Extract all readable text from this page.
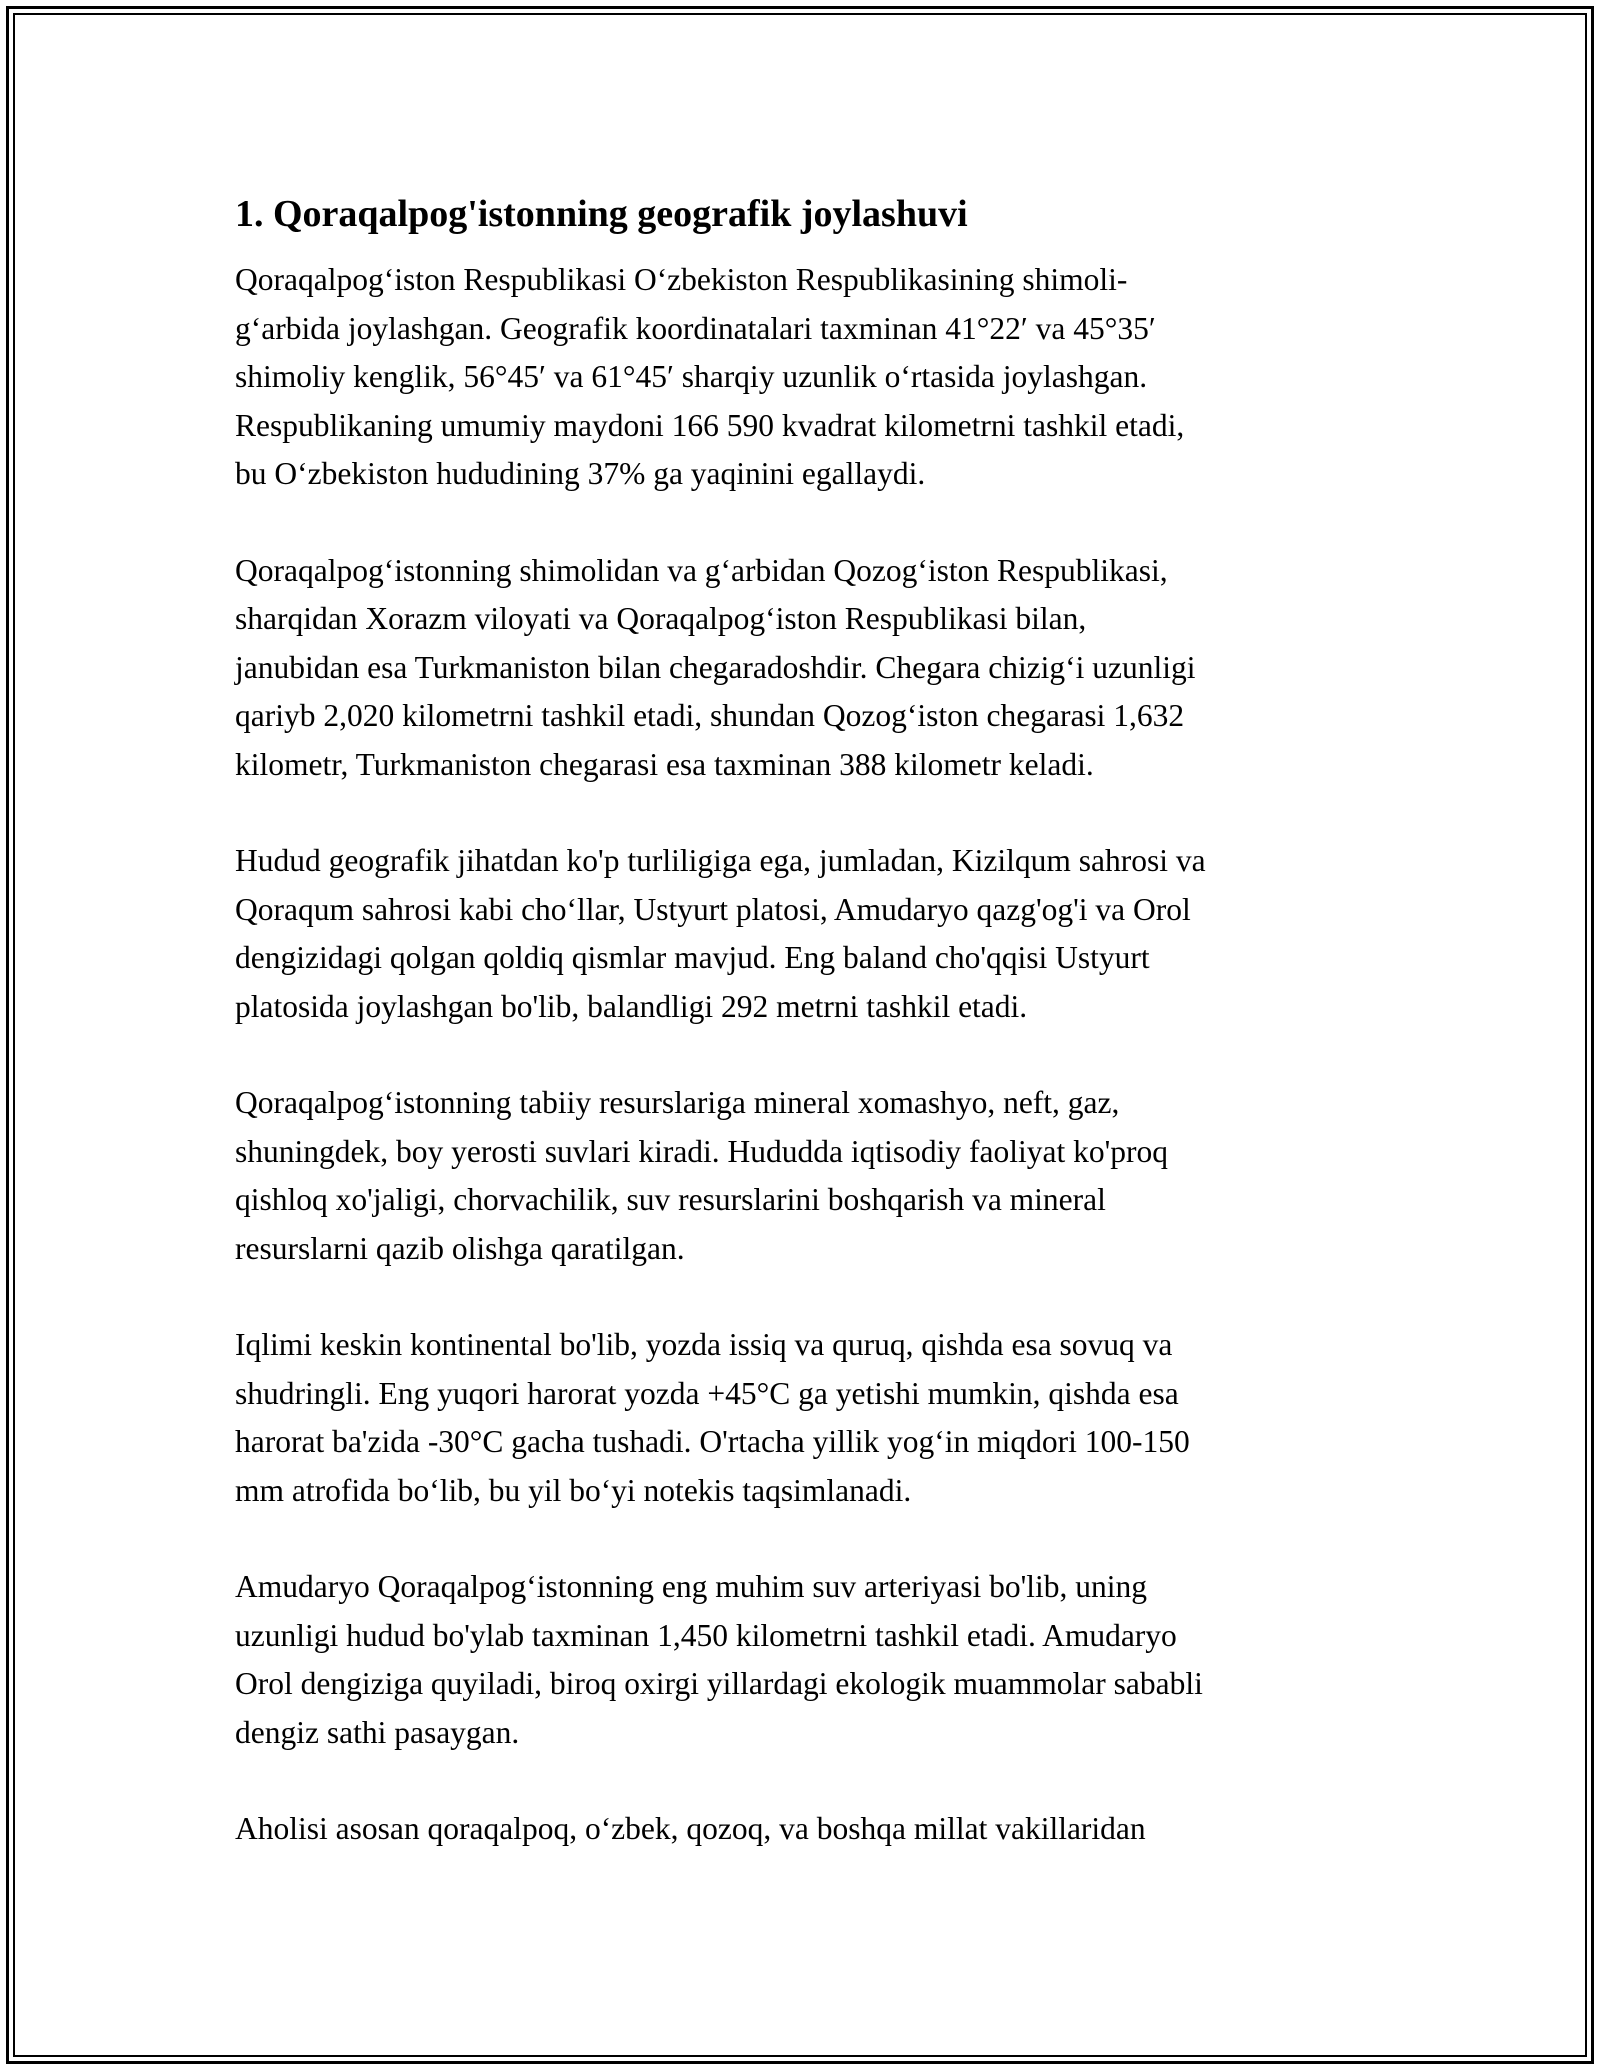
1. Qoraqalpog'istonning geografik joylashuvi

Qoraqalpog‘iston Respublikasi O‘zbekiston Respublikasining shimoli-
g‘arbida joylashgan. Geografik koordinatalari taxminan 41°22′ va 45°35′
shimoliy kenglik, 56°45′ va 61°45′ sharqiy uzunlik o‘rtasida joylashgan.
Respublikaning umumiy maydoni 166 590 kvadrat kilometrni tashkil etadi,
bu O‘zbekiston hududining 37% ga yaqinini egallaydi.

Qoraqalpog‘istonning shimolidan va g‘arbidan Qozog‘iston Respublikasi,
sharqidan Xorazm viloyati va Qoraqalpog‘iston Respublikasi bilan,
janubidan esa Turkmaniston bilan chegaradoshdir. Chegara chizig‘i uzunligi
qariyb 2,020 kilometrni tashkil etadi, shundan Qozog‘iston chegarasi 1,632
kilometr, Turkmaniston chegarasi esa taxminan 388 kilometr keladi.

Hudud geografik jihatdan ko'p turliligiga ega, jumladan, Kizilqum sahrosi va
Qoraqum sahrosi kabi cho‘llar, Ustyurt platosi, Amudaryo qazg'og'i va Orol
dengizidagi qolgan qoldiq qismlar mavjud. Eng baland cho'qqisi Ustyurt
platosida joylashgan bo'lib, balandligi 292 metrni tashkil etadi.

Qoraqalpog‘istonning tabiiy resurslariga mineral xomashyo, neft, gaz,
shuningdek, boy yerosti suvlari kiradi. Hududda iqtisodiy faoliyat ko'proq
qishloq xo'jaligi, chorvachilik, suv resurslarini boshqarish va mineral
resurslarni qazib olishga qaratilgan.

Iqlimi keskin kontinental bo'lib, yozda issiq va quruq, qishda esa sovuq va
shudringli. Eng yuqori harorat yozda +45°C ga yetishi mumkin, qishda esa
harorat ba'zida -30°C gacha tushadi. O'rtacha yillik yog‘in miqdori 100-150
mm atrofida bo‘lib, bu yil bo‘yi notekis taqsimlanadi.

Amudaryo Qoraqalpog‘istonning eng muhim suv arteriyasi bo'lib, uning
uzunligi hudud bo'ylab taxminan 1,450 kilometrni tashkil etadi. Amudaryo
Orol dengiziga quyiladi, biroq oxirgi yillardagi ekologik muammolar sababli
dengiz sathi pasaygan.

Aholisi asosan qoraqalpoq, o‘zbek, qozoq, va boshqa millat vakillaridan
